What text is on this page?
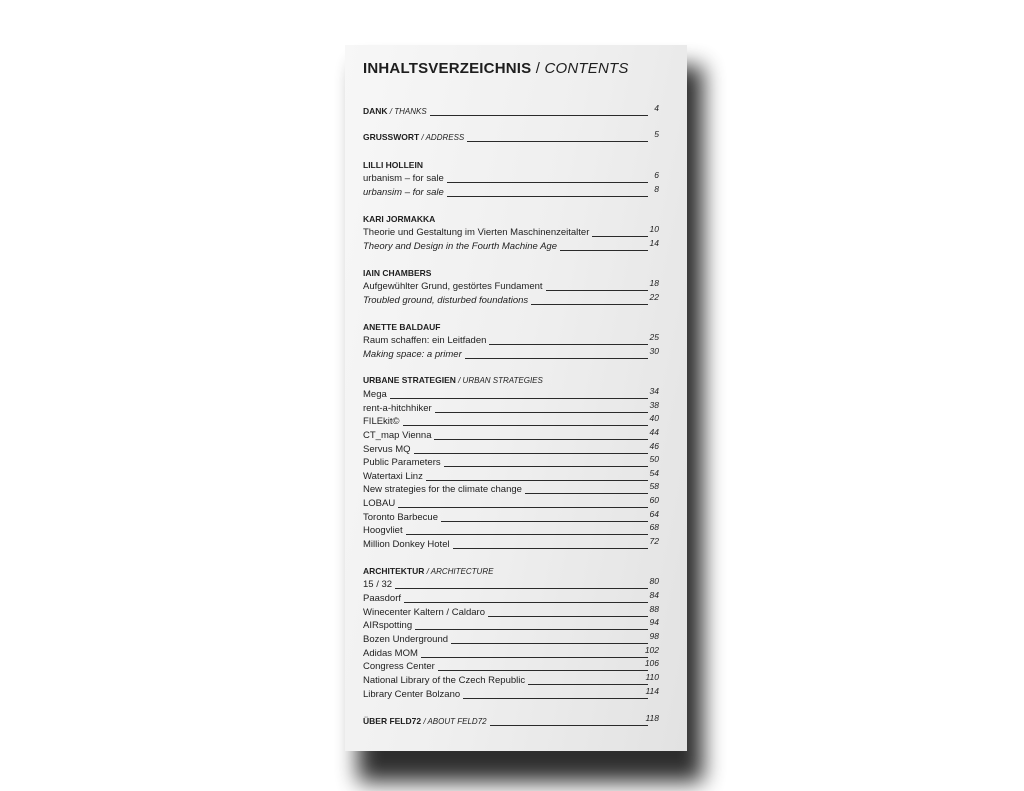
INHALTSVERZEICHNIS / CONTENTS
DANK / THANKS	4
GRUSSWORT / ADDRESS	5
LILLI HOLLEIN
urbanism – for sale	6
urbansim – for sale	8
KARI JORMAKKA
Theorie und Gestaltung im Vierten Maschinenzeitalter	10
Theory and Design in the Fourth Machine Age	14
IAIN CHAMBERS
Aufgewühlter Grund, gestörtes Fundament	18
Troubled ground, disturbed foundations	22
ANETTE BALDAUF
Raum schaffen: ein Leitfaden	25
Making space: a primer	30
URBANE STRATEGIEN / URBAN STRATEGIES
Mega	34
rent-a-hitchhiker	38
FILEkit©	40
CT_map Vienna	44
Servus MQ	46
Public Parameters	50
Watertaxi Linz	54
New strategies for the climate change	58
LOBAU	60
Toronto Barbecue	64
Hoogvliet	68
Million Donkey Hotel	72
ARCHITEKTUR / ARCHITECTURE
15 / 32	80
Paasdorf	84
Winecenter Kaltern / Caldaro	88
AIRspotting	94
Bozen Underground	98
Adidas MOM	102
Congress Center	106
National Library of the Czech Republic	110
Library Center Bolzano	114
ÜBER FELD72 / ABOUT FELD72	118
